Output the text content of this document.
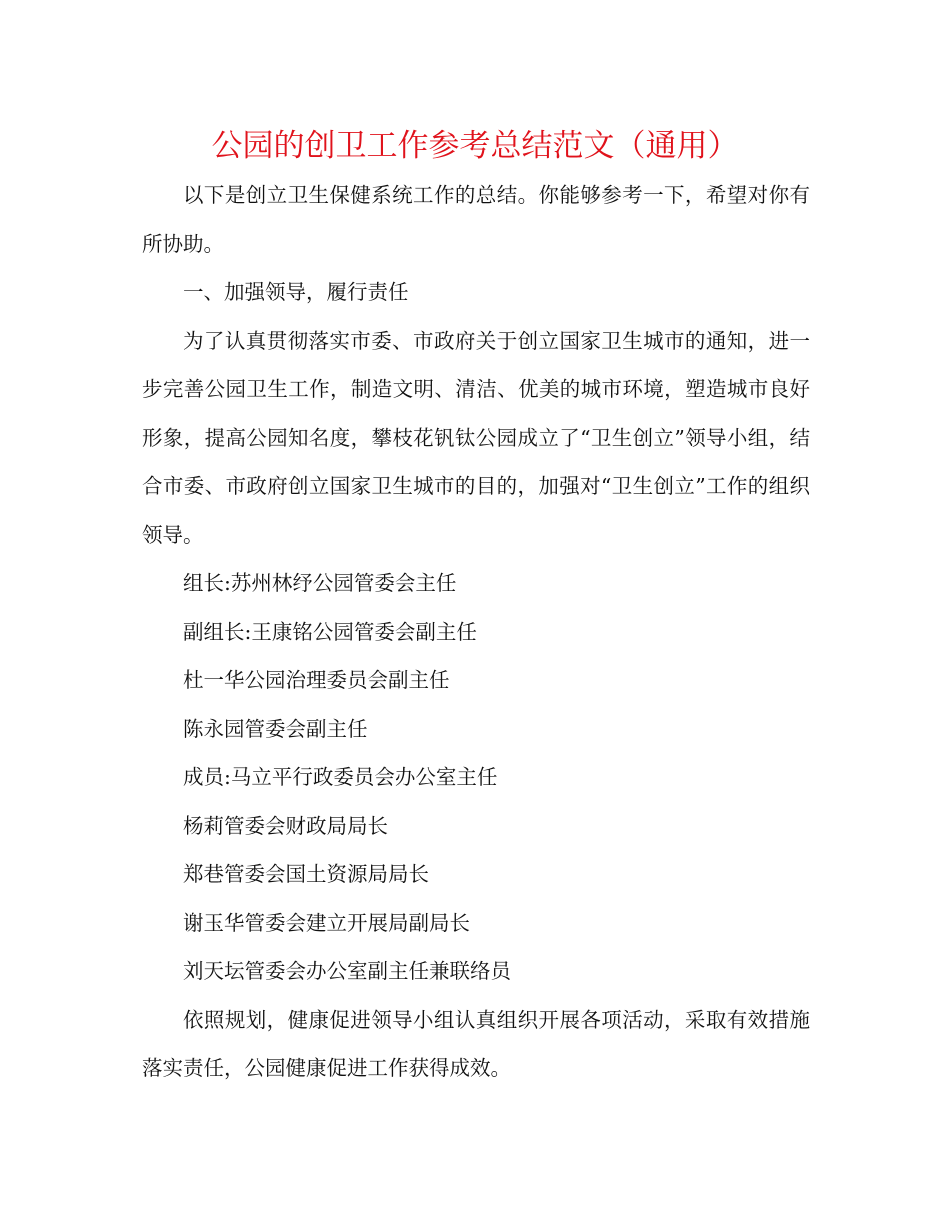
公园的创卫工作参考总结范文（通用）

以下是创立卫生保健系统工作的总结。你能够参考一下，希望对你有所协助。

一、加强领导，履行责任

为了认真贯彻落实市委、市政府关于创立国家卫生城市的通知，进一步完善公园卫生工作，制造文明、清洁、优美的城市环境，塑造城市良好形象，提高公园知名度，攀枝花钒钛公园成立了“卫生创立”领导小组，结合市委、市政府创立国家卫生城市的目的，加强对“卫生创立”工作的组织领导。

组长:苏州林纾公园管委会主任

副组长:王康铭公园管委会副主任

杜一华公园治理委员会副主任

陈永园管委会副主任

成员:马立平行政委员会办公室主任

杨莉管委会财政局局长

郑巷管委会国土资源局局长

谢玉华管委会建立开展局副局长

刘天坛管委会办公室副主任兼联络员

依照规划，健康促进领导小组认真组织开展各项活动，采取有效措施落实责任，公园健康促进工作获得成效。
